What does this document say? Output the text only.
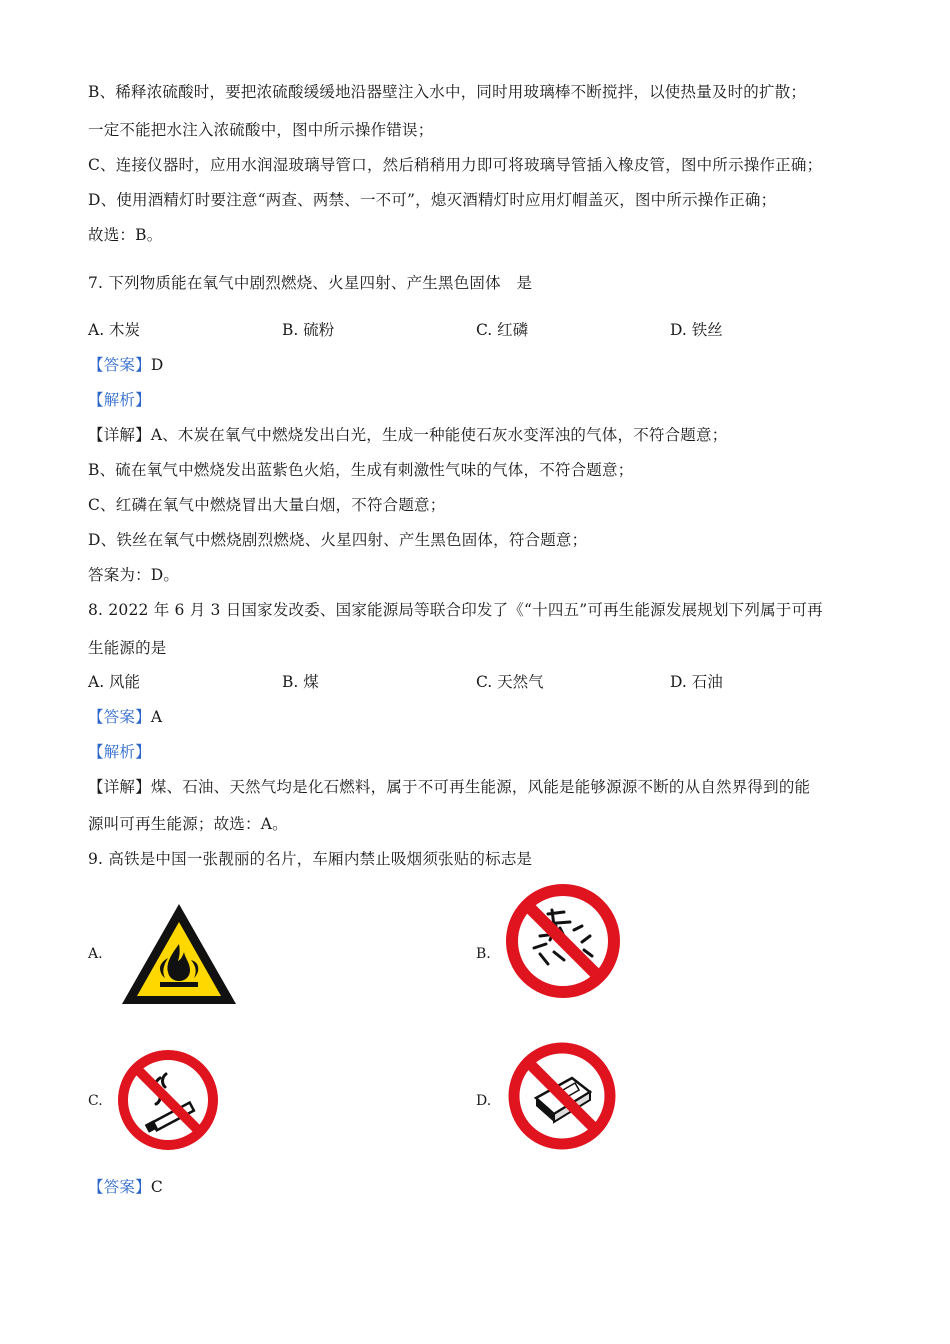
B、稀释浓硫酸时，要把浓硫酸缓缓地沿器壁注入水中，同时用玻璃棒不断搅拌，以使热量及时的扩散；
一定不能把水注入浓硫酸中，图中所示操作错误；
C、连接仪器时，应用水润湿玻璃导管口，然后稍稍用力即可将玻璃导管插入橡皮管，图中所示操作正确；
D、使用酒精灯时要注意“两查、两禁、一不可”，熄灭酒精灯时应用灯帽盖灭，图中所示操作正确；
故选：B。
7. 下列物质能在氧气中剧烈燃烧、火星四射、产生黑色固体　是
A. 木炭	B. 硫粉	C. 红磷	D. 铁丝
【答案】D
【解析】
【详解】A、木炭在氧气中燃烧发出白光，生成一种能使石灰水变浑浊的气体，不符合题意；
B、硫在氧气中燃烧发出蓝紫色火焰，生成有刺激性气味的气体，不符合题意；
C、红磷在氧气中燃烧冒出大量白烟，不符合题意；
D、铁丝在氧气中燃烧剧烈燃烧、火星四射、产生黑色固体，符合题意；
答案为：D。
8. 2022 年 6 月 3 日国家发改委、国家能源局等联合印发了《“十四五”可再生能源发展规划下列属于可再
生能源的是
A. 风能	B. 煤	C. 天然气	D. 石油
【答案】A
【解析】
【详解】煤、石油、天然气均是化石燃料，属于不可再生能源，风能是能够源源不断的从自然界得到的能
源叫可再生能源；故选：A。
9. 高铁是中国一张靓丽的名片，车厢内禁止吸烟须张贴的标志是
A.	B.
C.	D.
【答案】C
